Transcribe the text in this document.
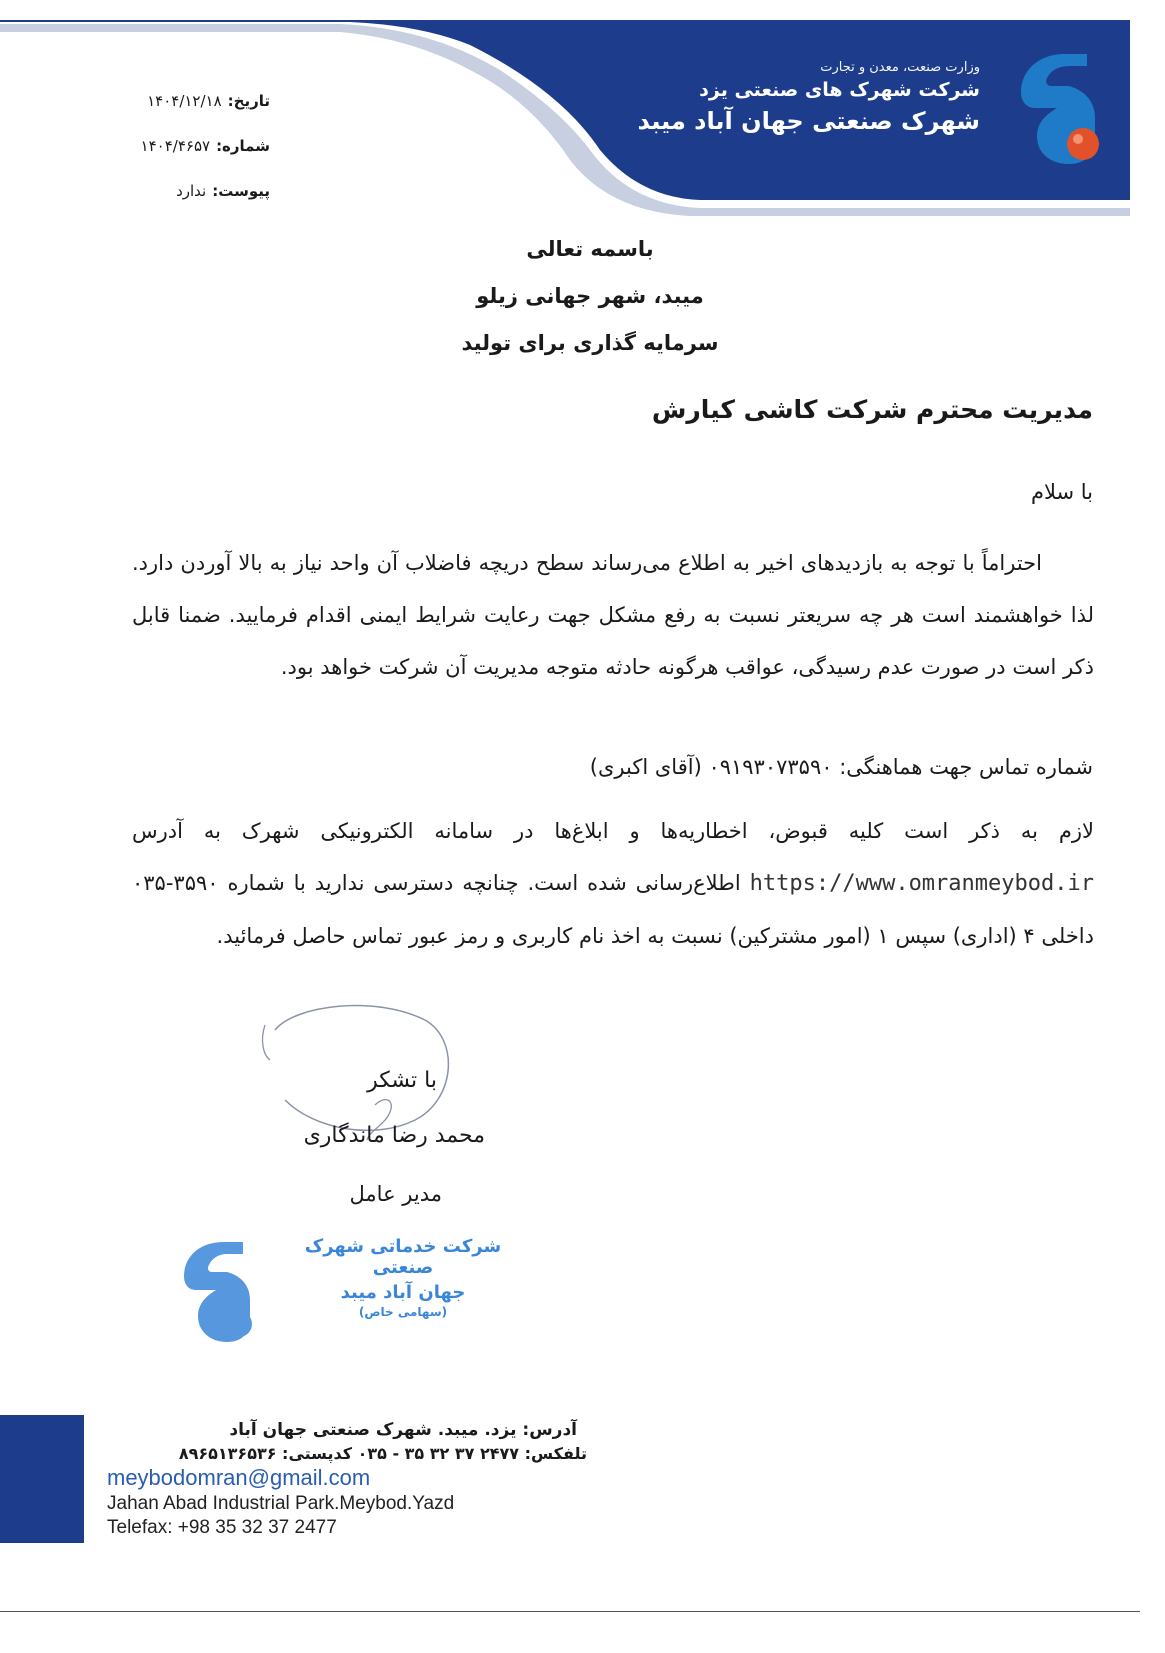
وزارت صنعت، معدن و تجارت

شرکت شهرک های صنعتی یزد

شهرک صنعتی جهان آباد میبد

تاریخ:
۱۴۰۴/۱۲/۱۸
شماره:
۱۴۰۴/۴۶۵۷
پیوست:
ندارد
باسمه تعالی
میبد، شهر جهانی زیلو
سرمایه گذاری برای تولید
مدیریت محترم شرکت کاشی کیارش
با سلام
احتراماً با توجه به بازدیدهای اخیر به اطلاع می‌رساند سطح دریچه فاضلاب آن واحد نیاز به بالا آوردن دارد. لذا خواهشمند است هر چه سریعتر نسبت به رفع مشکل جهت رعایت شرایط ایمنی اقدام فرمایید. ضمنا قابل ذکر است در صورت عدم رسیدگی، عواقب هرگونه حادثه متوجه مدیریت آن شرکت خواهد بود.
شماره تماس جهت هماهنگی: ۰۹۱۹۳۰۷۳۵۹۰ (آقای اکبری)
لازم به ذکر است کلیه قبوض، اخطاریه‌ها و ابلاغ‌ها در سامانه الکترونیکی شهرک به آدرس https://www.omranmeybod.ir اطلاع‌رسانی شده است. چنانچه دسترسی ندارید با شماره ۳۵۹۰-۰۳۵ داخلی ۴ (اداری) سپس ۱ (امور مشترکین) نسبت به اخذ نام کاربری و رمز عبور تماس حاصل فرمائید.
با تشکر
محمد رضا ماندگاری
مدیر عامل
شرکت خدماتی شهرک صنعتی
جهان آباد میبد
(سهامی خاص)
آدرس: یزد. میبد. شهرک صنعتی جهان آباد
تلفکس: ۲۴۷۷ ۳۷ ۳۲ ۳۵ - ۰۳۵ کدپستی: ۸۹۶۵۱۳۶۵۳۶
meybodomran@gmail.com
Jahan Abad Industrial Park.Meybod.Yazd
Telefax: +98 35 32 37 2477
